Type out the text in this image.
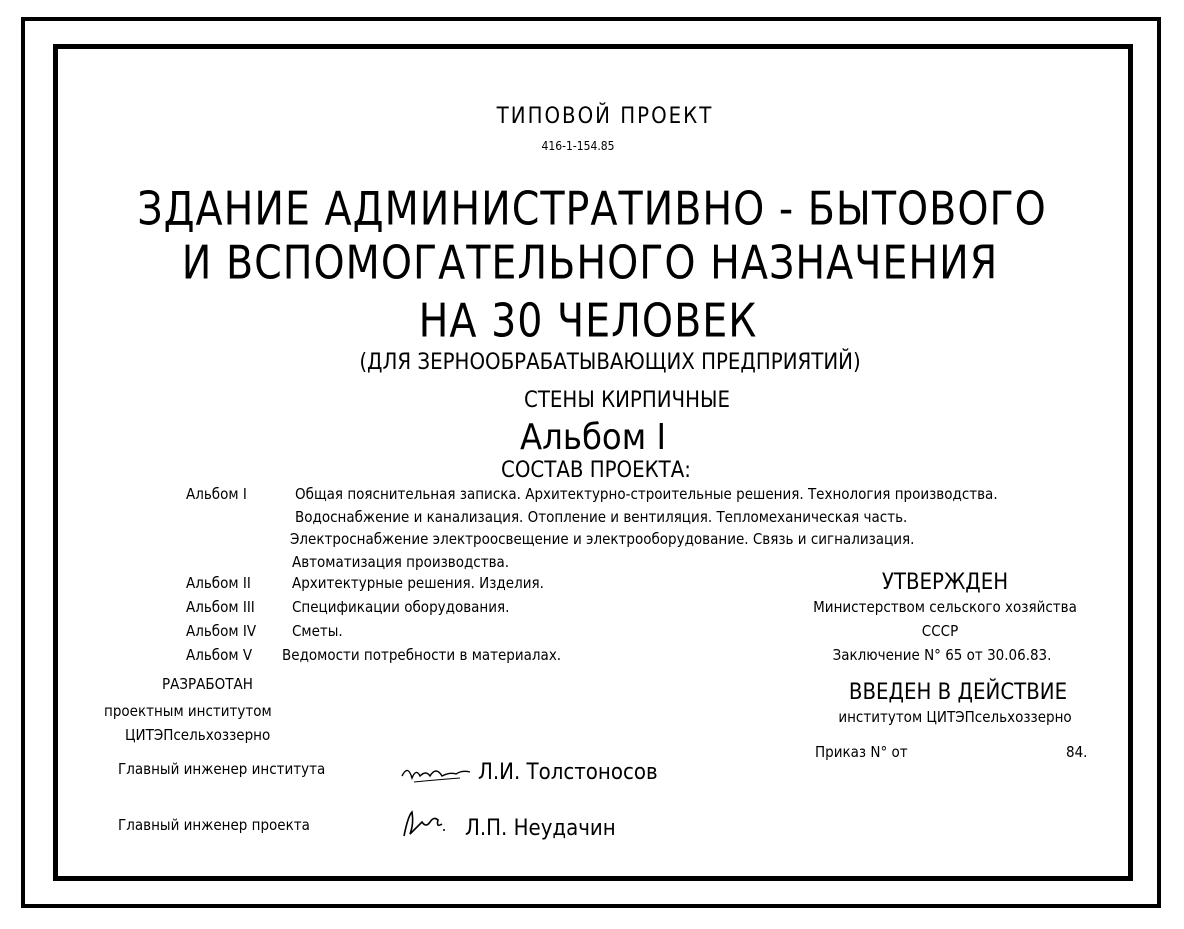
ТИПОВОЙ ПРОЕКТ
416-1-154.85
ЗДАНИЕ АДМИНИСТРАТИВНО - БЫТОВОГО
И ВСПОМОГАТЕЛЬНОГО НАЗНАЧЕНИЯ
НА 30 ЧЕЛОВЕК
(ДЛЯ ЗЕРНООБРАБАТЫВАЮЩИХ ПРЕДПРИЯТИЙ)
СТЕНЫ КИРПИЧНЫЕ
Альбом I
СОСТАВ ПРОЕКТА:
Альбом I	Общая пояснительная записка. Архитектурно-строительные решения. Технология производства.
Водоснабжение и канализация. Отопление и вентиляция. Тепломеханическая часть.
Электроснабжение электроосвещение и электрооборудование. Связь и сигнализация.
Автоматизация производства.
Альбом II	Архитектурные решения. Изделия.
Альбом III Спецификации оборудования.
Альбом IV Сметы.
Альбом V Ведомости потребности в материалах.
РАЗРАБОТАН
проектным институтом
ЦИТЭПсельхоззерно
УТВЕРЖДЕН
Министерством сельского хозяйства
СССР
Заключение N° 65 от 30.06.83.
ВВЕДЕН В ДЕЙСТВИЕ
институтом ЦИТЭПсельхоззерно
Приказ N° от	84.
Главный инженер института	Л.И. Толстоносов
Главный инженер проекта	Л.П. Неудачин
